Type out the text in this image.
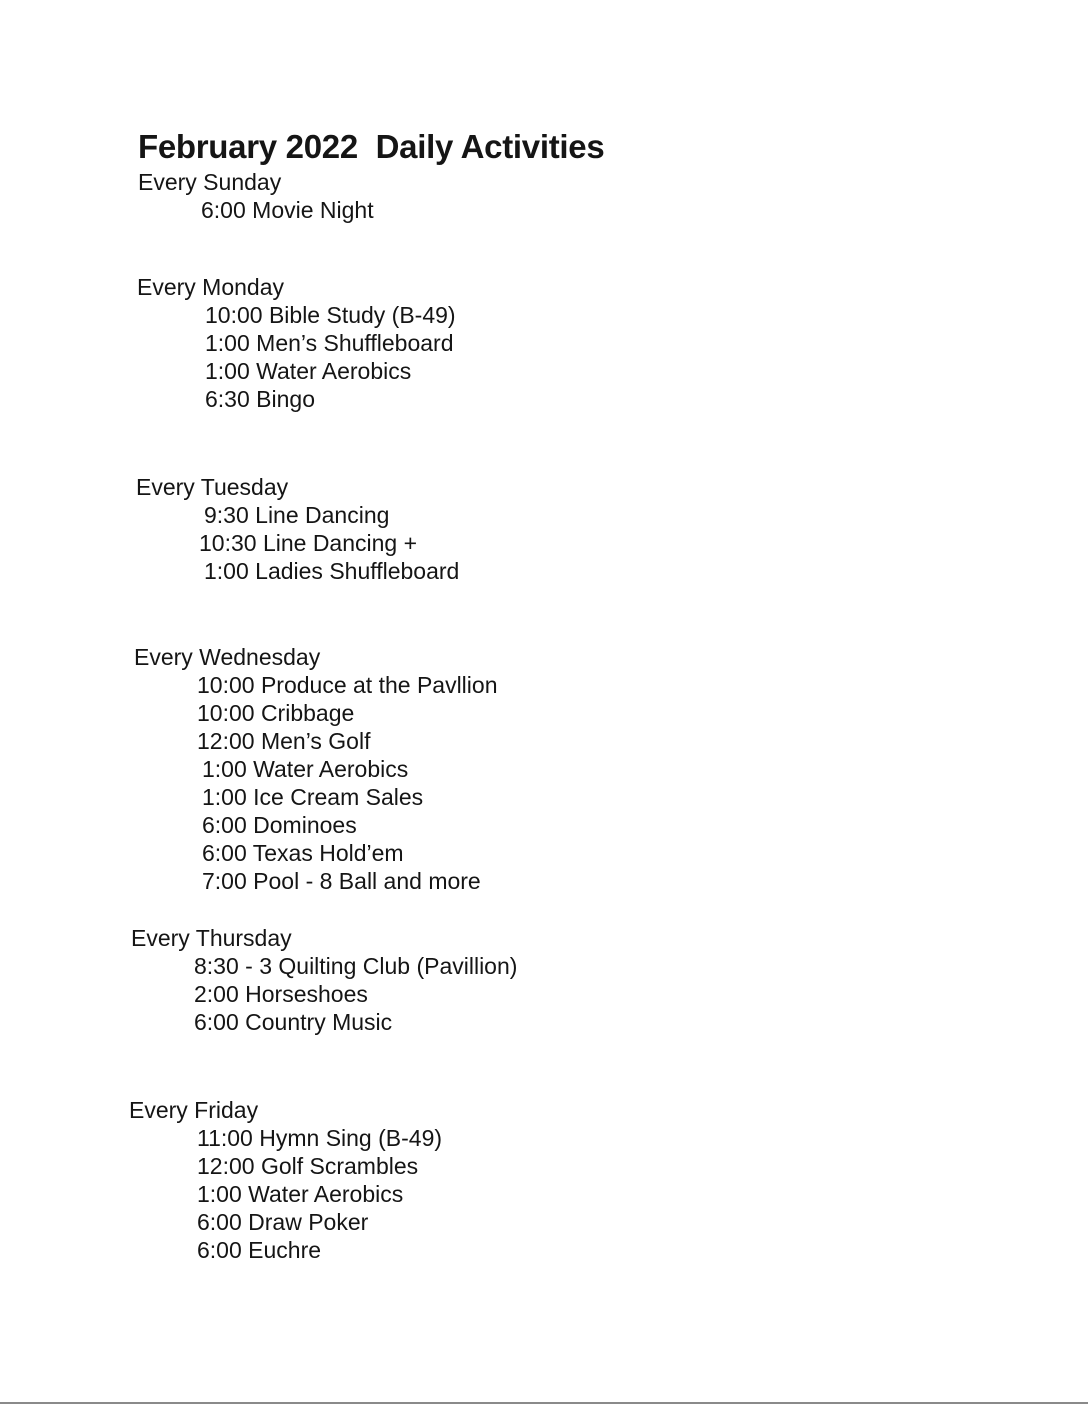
February 2022  Daily Activities
Every Sunday
6:00 Movie Night
Every Monday
10:00 Bible Study (B-49)
1:00 Men’s Shuffleboard
1:00 Water Aerobics
6:30 Bingo
Every Tuesday
9:30 Line Dancing
10:30 Line Dancing +
1:00 Ladies Shuffleboard
Every Wednesday
10:00 Produce at the Pavllion
10:00 Cribbage
12:00 Men’s Golf
1:00 Water Aerobics
1:00 Ice Cream Sales
6:00 Dominoes
6:00 Texas Hold’em
7:00 Pool - 8 Ball and more
Every Thursday
8:30 - 3 Quilting Club (Pavillion)
2:00 Horseshoes
6:00 Country Music
Every Friday
11:00 Hymn Sing (B-49)
12:00 Golf Scrambles
1:00 Water Aerobics
6:00 Draw Poker
6:00 Euchre
